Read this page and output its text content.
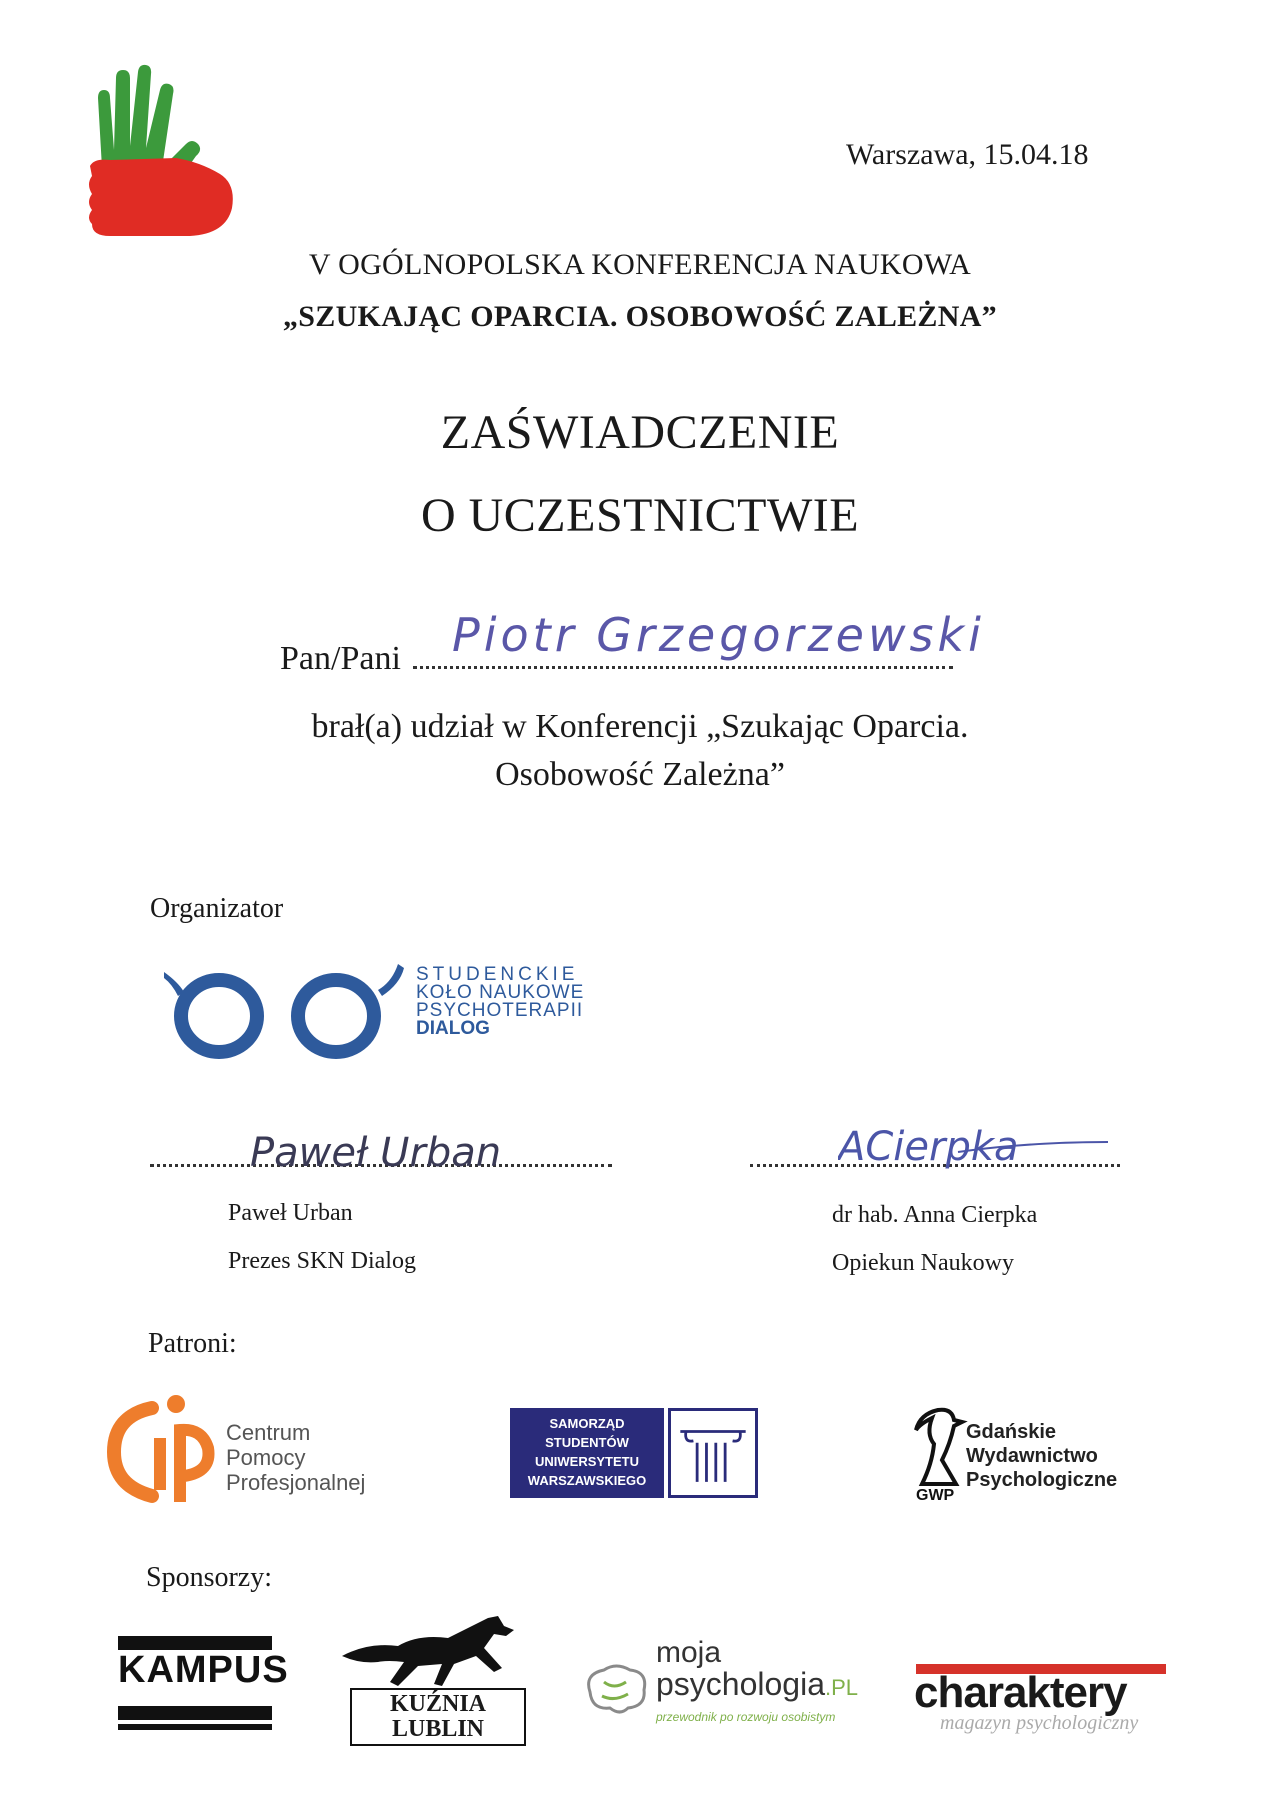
Warszawa, 15.04.18
V OGÓLNOPOLSKA KONFERENCJA NAUKOWA
„SZUKAJĄC OPARCIA. OSOBOWOŚĆ ZALEŻNA”
ZAŚWIADCZENIE
O UCZESTNICTWIE
Pan/Pani	Piotr Grzegorzewski
brał(a) udział w Konferencji „Szukając Oparcia.
Osobowość Zależna”
Organizator
STUDENCKIE
KOŁO NAUKOWE
PSYCHOTERAPII
DIALOG
Paweł Urban
Paweł Urban
Prezes SKN Dialog
ACierpka
dr hab. Anna Cierpka
Opiekun Naukowy
Patroni:
Centrum
Pomocy
Profesjonalnej
SAMORZĄD
STUDENTÓW
UNIWERSYTETU
WARSZAWSKIEGO
GWP
Gdańskie
Wydawnictwo
Psychologiczne
Sponsorzy:
KAMPUS
KUŹNIA
LUBLIN
moja
psychologia.PL
przewodnik po rozwoju osobistym charaktery
magazyn psychologiczny
